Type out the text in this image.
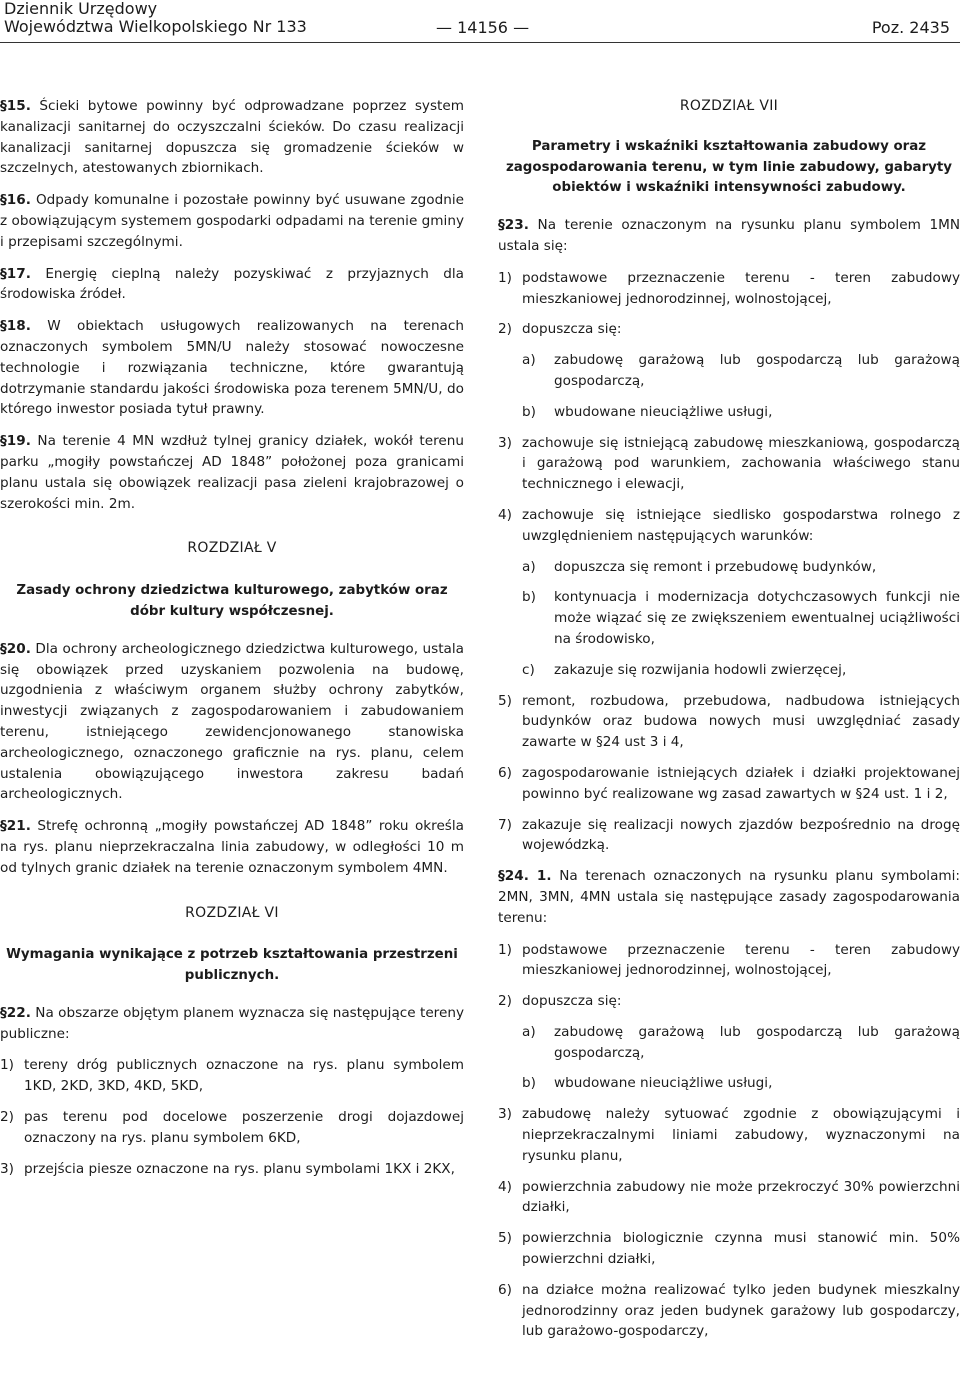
Dziennik Urzędowy
Województwa Wielkopolskiego Nr 133	— 14156 —	Poz. 2435

§15. Ścieki bytowe powinny być odprowadzane poprzez system kanalizacji sanitarnej do oczyszczalni ścieków. Do czasu realizacji kanalizacji sanitarnej dopuszcza się gromadzenie ścieków w szczelnych, atestowanych zbiornikach.

§16. Odpady komunalne i pozostałe powinny być usuwane zgodnie z obowiązującym systemem gospodarki odpadami na terenie gminy i przepisami szczególnymi.

§17. Energię cieplną należy pozyskiwać z przyjaznych dla środowiska źródeł.

§18. W obiektach usługowych realizowanych na terenach oznaczonych symbolem 5MN/U należy stosować nowoczesne technologie i rozwiązania techniczne, które gwarantują dotrzymanie standardu jakości środowiska poza terenem 5MN/U, do którego inwestor posiada tytuł prawny.

§19. Na terenie 4 MN wzdłuż tylnej granicy działek, wokół terenu parku „mogiły powstańczej AD 1848” położonej poza granicami planu ustala się obowiązek realizacji pasa zieleni krajobrazowej o szerokości min. 2m.

ROZDZIAŁ V

Zasady ochrony dziedzictwa kulturowego, zabytków oraz dóbr kultury współczesnej.

§20. Dla ochrony archeologicznego dziedzictwa kulturowego, ustala się obowiązek przed uzyskaniem pozwolenia na budowę, uzgodnienia z właściwym organem służby ochrony zabytków, inwestycji związanych z zagospodarowaniem i zabudowaniem terenu, istniejącego zewidencjonowanego stanowiska archeologicznego, oznaczonego graficznie na rys. planu, celem ustalenia obowiązującego inwestora zakresu badań archeologicznych.

§21. Strefę ochronną „mogiły powstańczej AD 1848” roku określa na rys. planu nieprzekraczalna linia zabudowy, w odległości 10 m od tylnych granic działek na terenie oznaczonym symbolem 4MN.

ROZDZIAŁ VI

Wymagania wynikające z potrzeb kształtowania przestrzeni publicznych.

§22. Na obszarze objętym planem wyznacza się następujące tereny publiczne:

1) tereny dróg publicznych oznaczone na rys. planu symbolem 1KD, 2KD, 3KD, 4KD, 5KD,
2) pas terenu pod docelowe poszerzenie drogi dojazdowej oznaczony na rys. planu symbolem 6KD,
3) przejścia piesze oznaczone na rys. planu symbolami 1KX i 2KX,

ROZDZIAŁ VII

Parametry i wskaźniki kształtowania zabudowy oraz zagospodarowania terenu, w tym linie zabudowy, gabaryty obiektów i wskaźniki intensywności zabudowy.

§23. Na terenie oznaczonym na rysunku planu symbolem 1MN ustala się:

1) podstawowe przeznaczenie terenu - teren zabudowy mieszkaniowej jednorodzinnej, wolnostojącej,
2) dopuszcza się:
a)	zabudowę garażową lub gospodarczą lub garażową gospodarczą,
b)	wbudowane nieuciążliwe usługi,
3) zachowuje się istniejącą zabudowę mieszkaniową, gospodarczą i garażową pod warunkiem, zachowania właściwego stanu technicznego i elewacji,
4) zachowuje się istniejące siedlisko gospodarstwa rolnego z uwzględnieniem następujących warunków:
a)	dopuszcza się remont i przebudowę budynków,
b)	kontynuacja i modernizacja dotychczasowych funkcji nie może wiązać się ze zwiększeniem ewentualnej uciążliwości na środowisko,
c)	zakazuje się rozwijania hodowli zwierzęcej,
5) remont, rozbudowa, przebudowa, nadbudowa istniejących budynków oraz budowa nowych musi uwzględniać zasady zawarte w §24 ust 3 i 4,
6) zagospodarowanie istniejących działek i działki projektowanej powinno być realizowane wg zasad zawartych w §24 ust. 1 i 2,
7) zakazuje się realizacji nowych zjazdów bezpośrednio na drogę wojewódzką.

§24. 1. Na terenach oznaczonych na rysunku planu symbolami: 2MN, 3MN, 4MN ustala się następujące zasady zagospodarowania terenu:

1) podstawowe przeznaczenie terenu - teren zabudowy mieszkaniowej jednorodzinnej, wolnostojącej,
2) dopuszcza się:
a)	zabudowę garażową lub gospodarczą lub garażową gospodarczą,
b)	wbudowane nieuciążliwe usługi,
3) zabudowę należy sytuować zgodnie z obowiązującymi i nieprzekraczalnymi liniami zabudowy, wyznaczonymi na rysunku planu,
4) powierzchnia zabudowy nie może przekroczyć 30% powierzchni działki,
5) powierzchnia biologicznie czynna musi stanowić min. 50% powierzchni działki,
6) na działce można realizować tylko jeden budynek mieszkalny jednorodzinny oraz jeden budynek garażowy lub gospodarczy, lub garażowo-gospodarczy,
